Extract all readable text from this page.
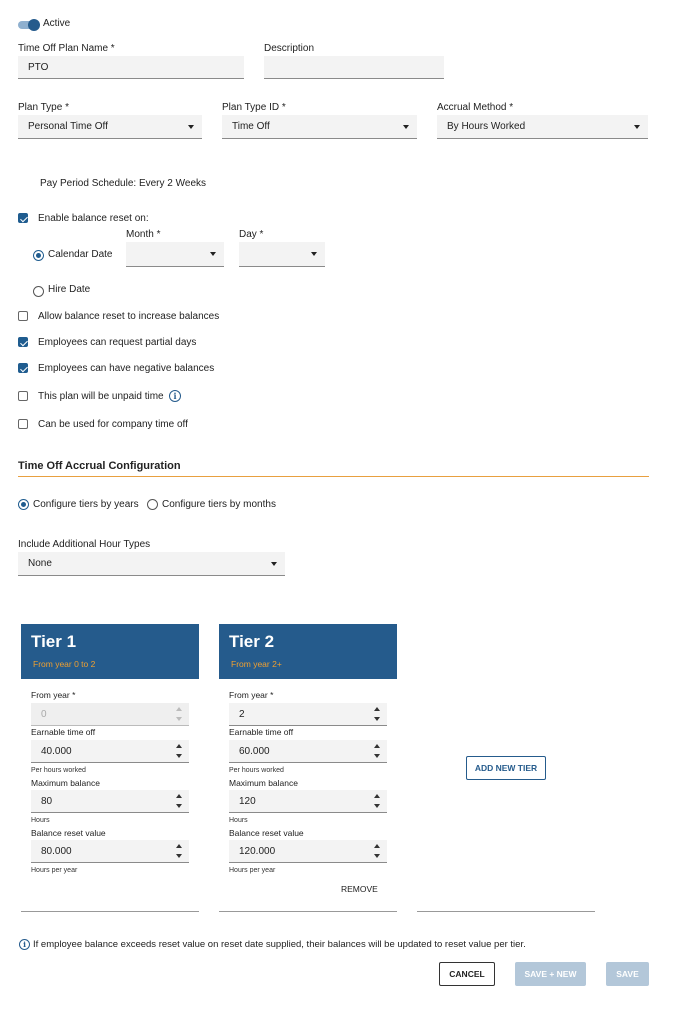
Active
Time Off Plan Name *
PTO
Description
Plan Type *
Personal Time Off
Plan Type ID *
Time Off
Accrual Method *
By Hours Worked
Pay Period Schedule: Every 2 Weeks
Enable balance reset on:
Month *	Day *
Calendar Date
Hire Date
Allow balance reset to increase balances
Employees can request partial days
Employees can have negative balances
This plan will be unpaid time	i
Can be used for company time off
Time Off Accrual Configuration
Configure tiers by years Configure tiers by months
Include Additional Hour Types
None
Tier 1
From year 0 to 2
From year *
0
Earnable time off
40.000
Per hours worked
Maximum balance
80
Hours
Balance reset value
80.000
Hours per year
Tier 2
From year 2+
From year *
2
Earnable time off
60.000
Per hours worked
Maximum balance
120
Hours
Balance reset value
120.000
Hours per year
REMOVE
ADD NEW TIER
i If employee balance exceeds reset value on reset date supplied, their balances will be updated to reset value per tier.
CANCEL	SAVE + NEW	SAVE
